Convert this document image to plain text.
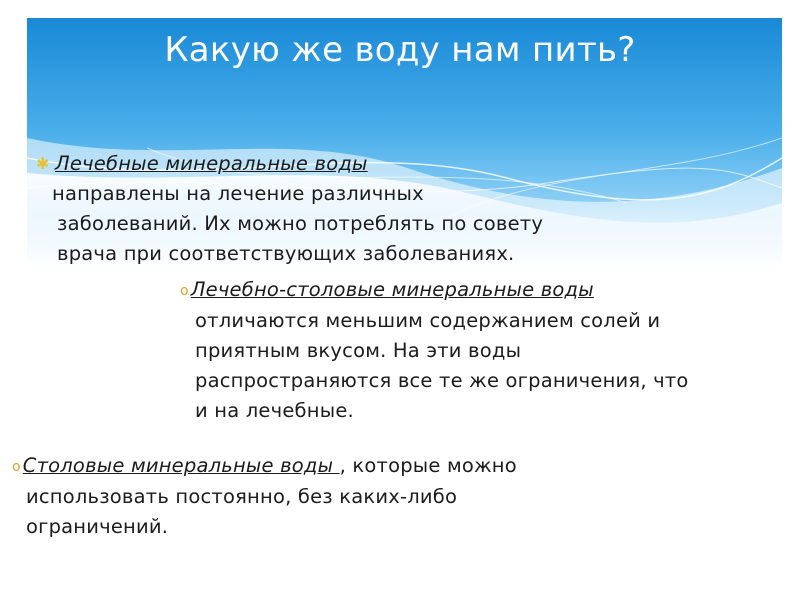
Какую же воду нам пить?
✱ Лечебные минеральные воды
направлены на лечение различных
заболеваний. Их можно потреблять по совету
врача при соответствующих заболеваниях.
o Лечебно-столовые минеральные воды
отличаются меньшим содержанием солей и
приятным вкусом. На эти воды
распространяются все те же ограничения, что
и на лечебные.
o Столовые минеральные воды , которые можно
использовать постоянно, без каких-либо
ограничений.
